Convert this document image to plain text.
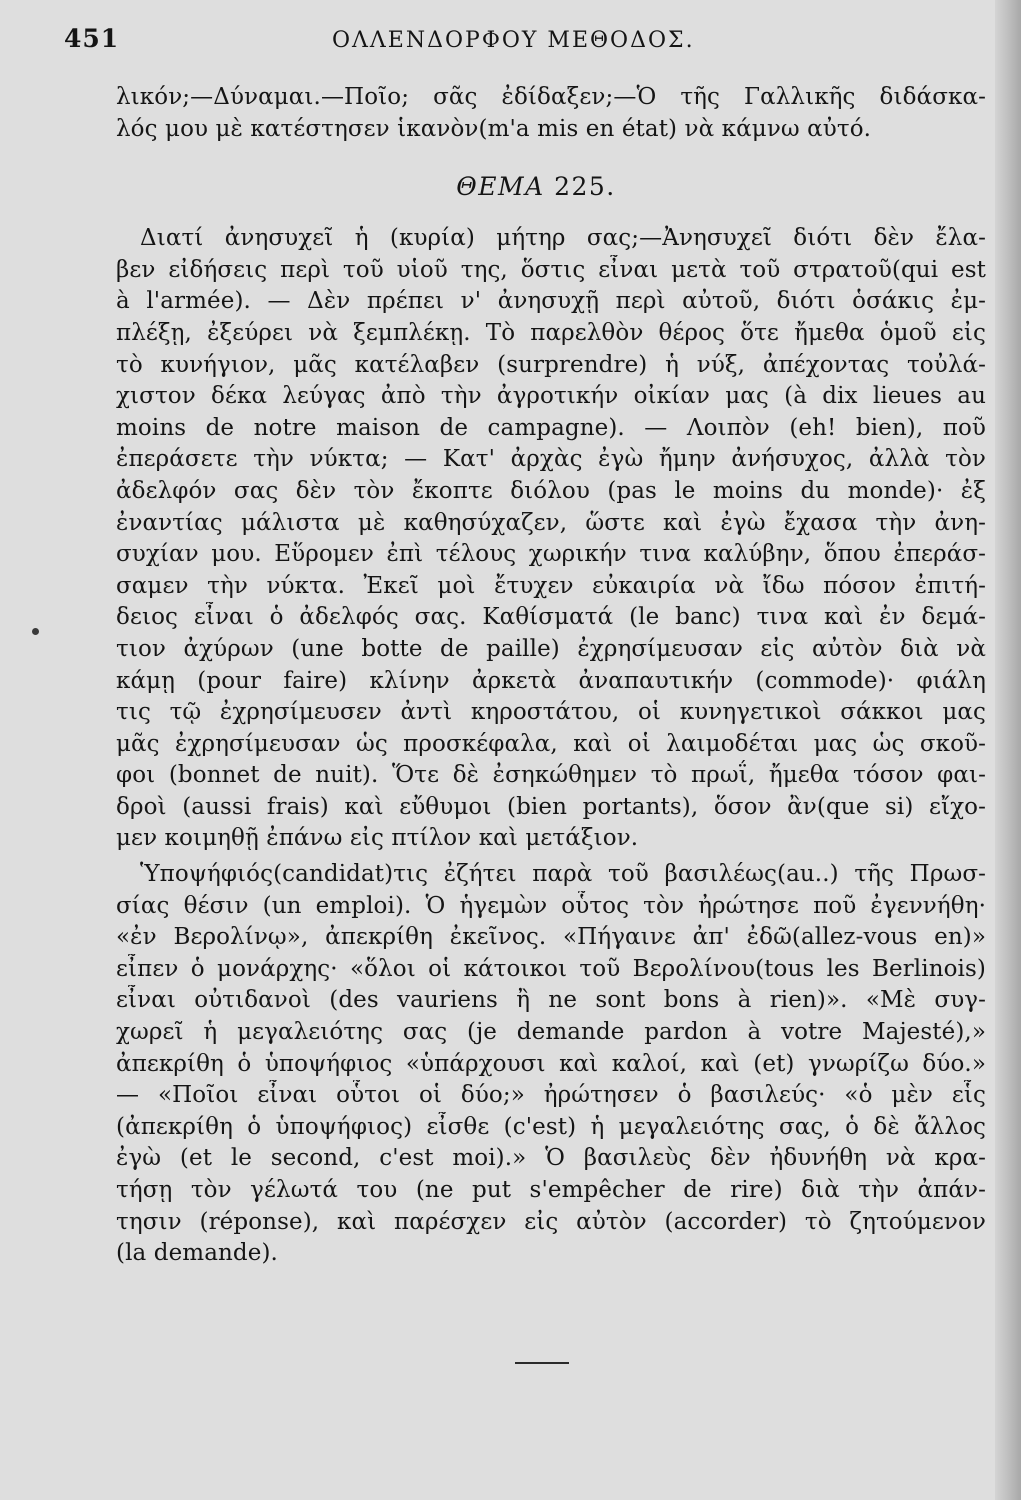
451	ΟΛΛΕΝΔΟΡΦΟΥ ΜΕΘΟΔΟΣ.
λικόν;—Δύναμαι.—Ποῖο; σᾶς ἐδίδαξεν;—Ὁ τῆς Γαλλικῆς διδάσκα-
λός μου μὲ κατέστησεν ἱκανὸν(m'a mis en état) νὰ κάμνω αὐτό.
ΘΕΜΑ 225.
Διατί ἀνησυχεῖ ἡ (κυρία) μήτηρ σας;—Ἀνησυχεῖ διότι δὲν ἔλα-
βεν εἰδήσεις περὶ τοῦ υἱοῦ της, ὅστις εἶναι μετὰ τοῦ στρατοῦ(qui est
à l'armée). — Δὲν πρέπει ν' ἀνησυχῇ περὶ αὐτοῦ, διότι ὁσάκις ἐμ-
πλέξῃ, ἐξεύρει νὰ ξεμπλέκῃ. Τὸ παρελθὸν θέρος ὅτε ἤμεθα ὁμοῦ εἰς
τὸ κυνήγιον, μᾶς κατέλαβεν (surprendre) ἡ νύξ, ἀπέχοντας τοὐλά-
χιστον δέκα λεύγας ἀπὸ τὴν ἀγροτικήν οἰκίαν μας (à dix lieues au
moins de notre maison de campagne). — Λοιπὸν (eh! bien), ποῦ
ἐπεράσετε τὴν νύκτα; — Κατ' ἀρχὰς ἐγὼ ἤμην ἀνήσυχος, ἀλλὰ τὸν
ἀδελφόν σας δὲν τὸν ἔκοπτε διόλου (pas le moins du monde)· ἐξ
ἐναντίας μάλιστα μὲ καθησύχαζεν, ὥστε καὶ ἐγὼ ἔχασα τὴν ἀνη-
συχίαν μου. Εὕρομεν ἐπὶ τέλους χωρικήν τινα καλύβην, ὅπου ἐπεράσ-
σαμεν τὴν νύκτα. Ἐκεῖ μοὶ ἔτυχεν εὐκαιρία νὰ ἴδω πόσον ἐπιτή-
δειος εἶναι ὁ ἀδελφός σας. Καθίσματά (le banc) τινα καὶ ἐν δεμά-
τιον ἀχύρων (une botte de paille) ἐχρησίμευσαν εἰς αὐτὸν διὰ νὰ
κάμῃ (pour faire) κλίνην ἀρκετὰ ἀναπαυτικήν (commode)· φιάλη
τις τῷ ἐχρησίμευσεν ἀντὶ κηροστάτου, οἱ κυνηγετικοὶ σάκκοι μας
μᾶς ἐχρησίμευσαν ὡς προσκέφαλα, καὶ οἱ λαιμοδέται μας ὡς σκοῦ-
φοι (bonnet de nuit). Ὅτε δὲ ἐσηκώθημεν τὸ πρωΐ, ἤμεθα τόσον φαι-
δροὶ (aussi frais) καὶ εὔθυμοι (bien portants), ὅσον ἂν(que si) εἴχο-
μεν κοιμηθῇ ἐπάνω εἰς πτίλον καὶ μετάξιον.
Ὑποψήφιός(candidat)τις ἐζήτει παρὰ τοῦ βασιλέως(au..) τῆς Πρωσ-
σίας θέσιν (un emploi). Ὁ ἡγεμὼν οὗτος τὸν ἠρώτησε ποῦ ἐγεννήθη·
«ἐν Βερολίνῳ», ἀπεκρίθη ἐκεῖνος. «Πήγαινε ἀπ' ἐδῶ(allez-vous en)»
εἶπεν ὁ μονάρχης· «ὅλοι οἱ κάτοικοι τοῦ Βερολίνου(tous les Berlinois)
εἶναι οὐτιδανοὶ (des vauriens ἢ ne sont bons à rien)». «Μὲ συγ-
χωρεῖ ἡ μεγαλειότης σας (je demande pardon à votre Majesté),»
ἀπεκρίθη ὁ ὑποψήφιος «ὑπάρχουσι καὶ καλοί, καὶ (et) γνωρίζω δύο.»
— «Ποῖοι εἶναι οὗτοι οἱ δύο;» ἠρώτησεν ὁ βασιλεύς· «ὁ μὲν εἷς
(ἀπεκρίθη ὁ ὑποψήφιος) εἶσθε (c'est) ἡ μεγαλειότης σας, ὁ δὲ ἄλλος
ἐγὼ (et le second, c'est moi).» Ὁ βασιλεὺς δὲν ἠδυνήθη νὰ κρα-
τήσῃ τὸν γέλωτά του (ne put s'empêcher de rire) διὰ τὴν ἀπάν-
τησιν (réponse), καὶ παρέσχεν εἰς αὐτὸν (accorder) τὸ ζητούμενον
(la demande).
